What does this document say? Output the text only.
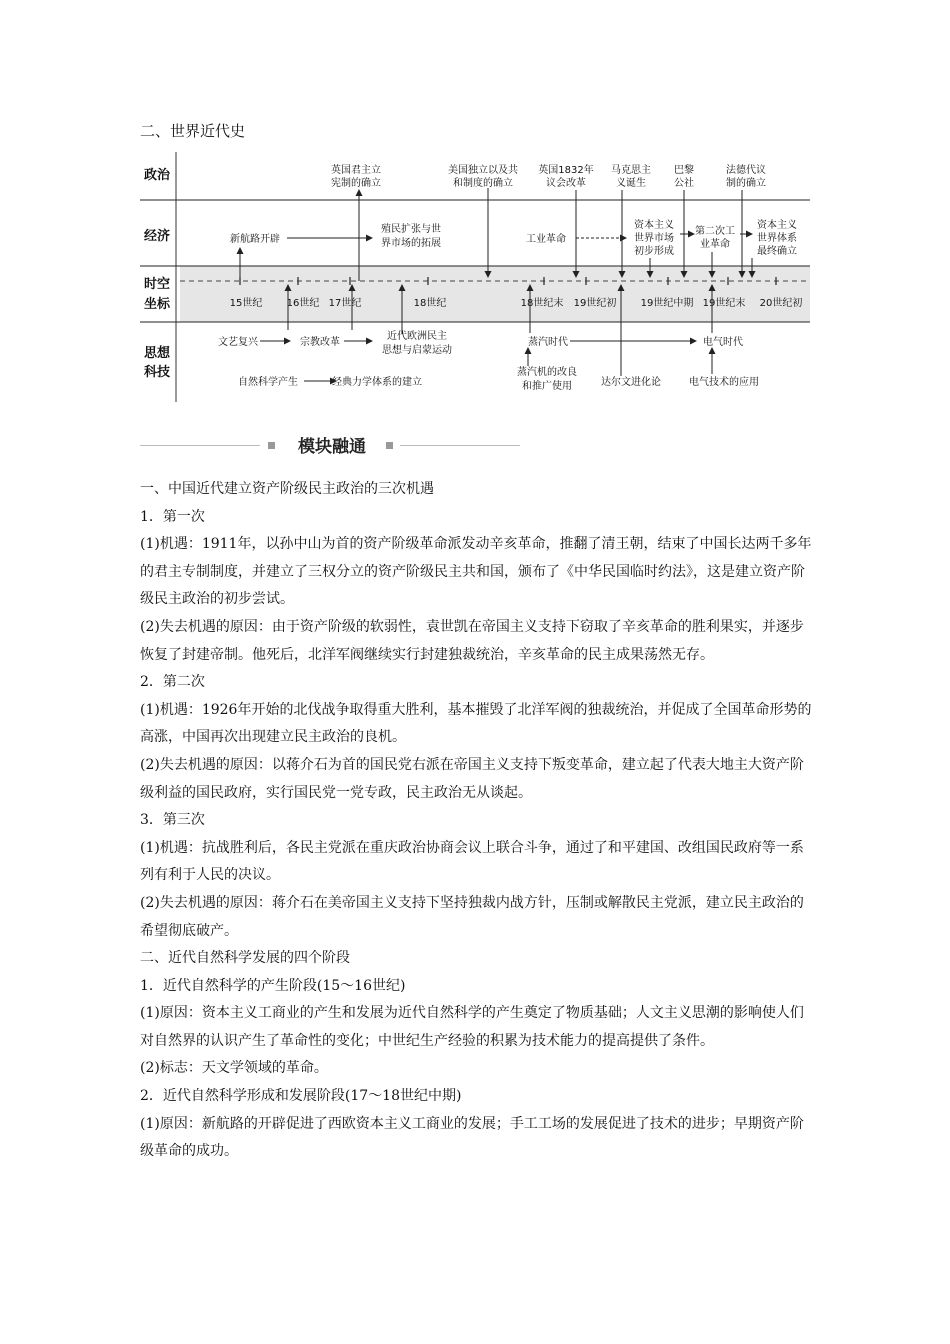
二、世界近代史
政治
经济
时空
坐标
思想
科技
15世纪 16世纪 17世纪	18世纪	18世纪末 19世纪初 19世纪中期 19世纪末 20世纪初
英国君主立
宪制的确立
美国独立以及共
和制度的确立
英国1832年
议会改革
马克思主
义诞生
巴黎
公社
法德代议
制的确立
新航路开辟
殖民扩张与世
界市场的拓展	工业革命
资本主义
世界市场
初步形成
第二次工
业革命
资本主义
世界体系
最终确立
文艺复兴	宗教改革
近代欧洲民主
思想与启蒙运动
蒸汽时代	电气时代
自然科学产生	经典力学体系的建立
蒸汽机的改良
和推广使用	达尔文进化论	电气技术的应用
模块融通

一、中国近代建立资产阶级民主政治的三次机遇

1．第一次

(1)机遇：1911年，以孙中山为首的资产阶级革命派发动辛亥革命，推翻了清王朝，结束了中国长达两千多年的君主专制制度，并建立了三权分立的资产阶级民主共和国，颁布了《中华民国临时约法》，这是建立资产阶级民主政治的初步尝试。

(2)失去机遇的原因：由于资产阶级的软弱性，袁世凯在帝国主义支持下窃取了辛亥革命的胜利果实，并逐步恢复了封建帝制。他死后，北洋军阀继续实行封建独裁统治，辛亥革命的民主成果荡然无存。

2．第二次

(1)机遇：1926年开始的北伐战争取得重大胜利，基本摧毁了北洋军阀的独裁统治，并促成了全国革命形势的高涨，中国再次出现建立民主政治的良机。

(2)失去机遇的原因：以蒋介石为首的国民党右派在帝国主义支持下叛变革命，建立起了代表大地主大资产阶级利益的国民政府，实行国民党一党专政，民主政治无从谈起。

3．第三次

(1)机遇：抗战胜利后，各民主党派在重庆政治协商会议上联合斗争，通过了和平建国、改组国民政府等一系列有利于人民的决议。

(2)失去机遇的原因：蒋介石在美帝国主义支持下坚持独裁内战方针，压制或解散民主党派，建立民主政治的希望彻底破产。

二、近代自然科学发展的四个阶段

1．近代自然科学的产生阶段(15～16世纪)

(1)原因：资本主义工商业的产生和发展为近代自然科学的产生奠定了物质基础；人文主义思潮的影响使人们对自然界的认识产生了革命性的变化；中世纪生产经验的积累为技术能力的提高提供了条件。

(2)标志：天文学领域的革命。

2．近代自然科学形成和发展阶段(17～18世纪中期)

(1)原因：新航路的开辟促进了西欧资本主义工商业的发展；手工工场的发展促进了技术的进步；早期资产阶级革命的成功。
